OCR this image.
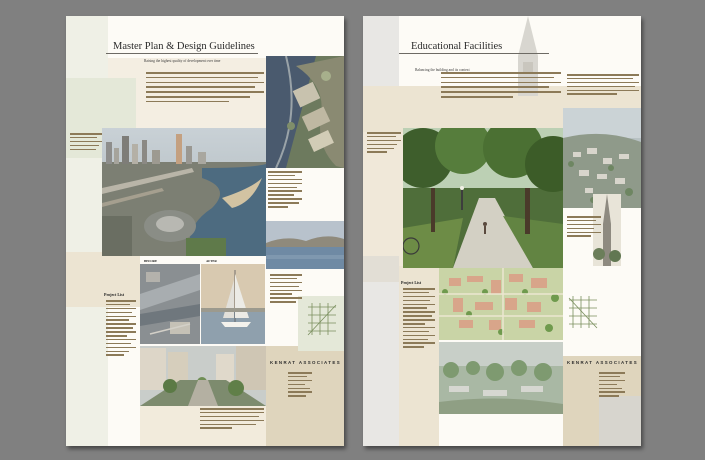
Master Plan & Design Guidelines
Raising the highest quality of development over time
BEFORE	AFTER
Project List
KENRAT ASSOCIATES
Educational Facilities
Balancing the building and its context
Project List
KENRAT ASSOCIATES
